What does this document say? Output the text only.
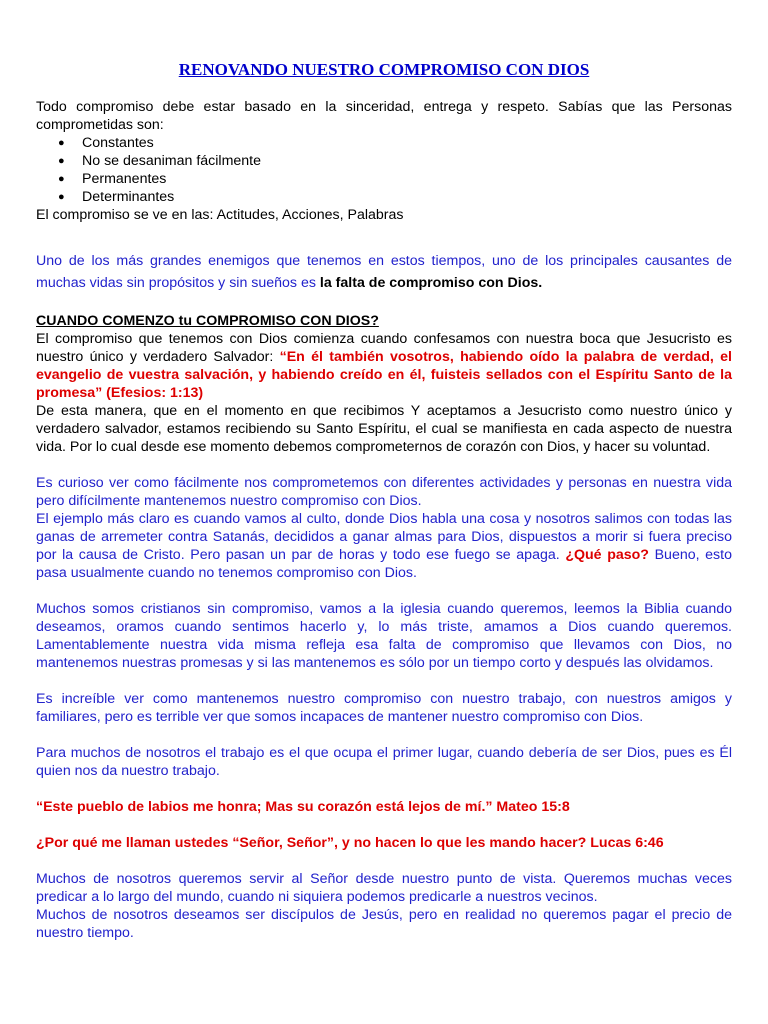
RENOVANDO NUESTRO COMPROMISO CON DIOS

Todo compromiso debe estar basado en la sinceridad, entrega y respeto. Sabías que las Personas comprometidas son:

● Constantes
● No se desaniman fácilmente
● Permanentes
● Determinantes

El compromiso se ve en las: Actitudes, Acciones, Palabras

Uno de los más grandes enemigos que tenemos en estos tiempos, uno de los principales causantes de muchas vidas sin propósitos y sin sueños es la falta de compromiso con Dios.

CUANDO COMENZO tu COMPROMISO CON DIOS?

El compromiso que tenemos con Dios comienza cuando confesamos con nuestra boca que Jesucristo es nuestro único y verdadero Salvador: “En él también vosotros, habiendo oído la palabra de verdad, el evangelio de vuestra salvación, y habiendo creído en él, fuisteis sellados con el Espíritu Santo de la promesa” (Efesios: 1:13)

De esta manera, que en el momento en que recibimos Y aceptamos a Jesucristo como nuestro único y verdadero salvador, estamos recibiendo su Santo Espíritu, el cual se manifiesta en cada aspecto de nuestra vida. Por lo cual desde ese momento debemos comprometernos de corazón con Dios, y hacer su voluntad.

Es curioso ver como fácilmente nos comprometemos con diferentes actividades y personas en nuestra vida pero difícilmente mantenemos nuestro compromiso con Dios.

El ejemplo más claro es cuando vamos al culto, donde Dios habla una cosa y nosotros salimos con todas las ganas de arremeter contra Satanás, decididos a ganar almas para Dios, dispuestos a morir si fuera preciso por la causa de Cristo. Pero pasan un par de horas y todo ese fuego se apaga. ¿Qué paso? Bueno, esto pasa usualmente cuando no tenemos compromiso con Dios.

Muchos somos cristianos sin compromiso, vamos a la iglesia cuando queremos, leemos la Biblia cuando deseamos, oramos cuando sentimos hacerlo y, lo más triste, amamos a Dios cuando queremos. Lamentablemente nuestra vida misma refleja esa falta de compromiso que llevamos con Dios, no mantenemos nuestras promesas y si las mantenemos es sólo por un tiempo corto y después las olvidamos.

Es increíble ver como mantenemos nuestro compromiso con nuestro trabajo, con nuestros amigos y familiares, pero es terrible ver que somos incapaces de mantener nuestro compromiso con Dios.

Para muchos de nosotros el trabajo es el que ocupa el primer lugar, cuando debería de ser Dios, pues es Él quien nos da nuestro trabajo.

“Este pueblo de labios me honra; Mas su corazón está lejos de mí.” Mateo 15:8

¿Por qué me llaman ustedes “Señor, Señor”, y no hacen lo que les mando hacer? Lucas 6:46

Muchos de nosotros queremos servir al Señor desde nuestro punto de vista. Queremos muchas veces predicar a lo largo del mundo, cuando ni siquiera podemos predicarle a nuestros vecinos.

Muchos de nosotros deseamos ser discípulos de Jesús, pero en realidad no queremos pagar el precio de nuestro tiempo.
